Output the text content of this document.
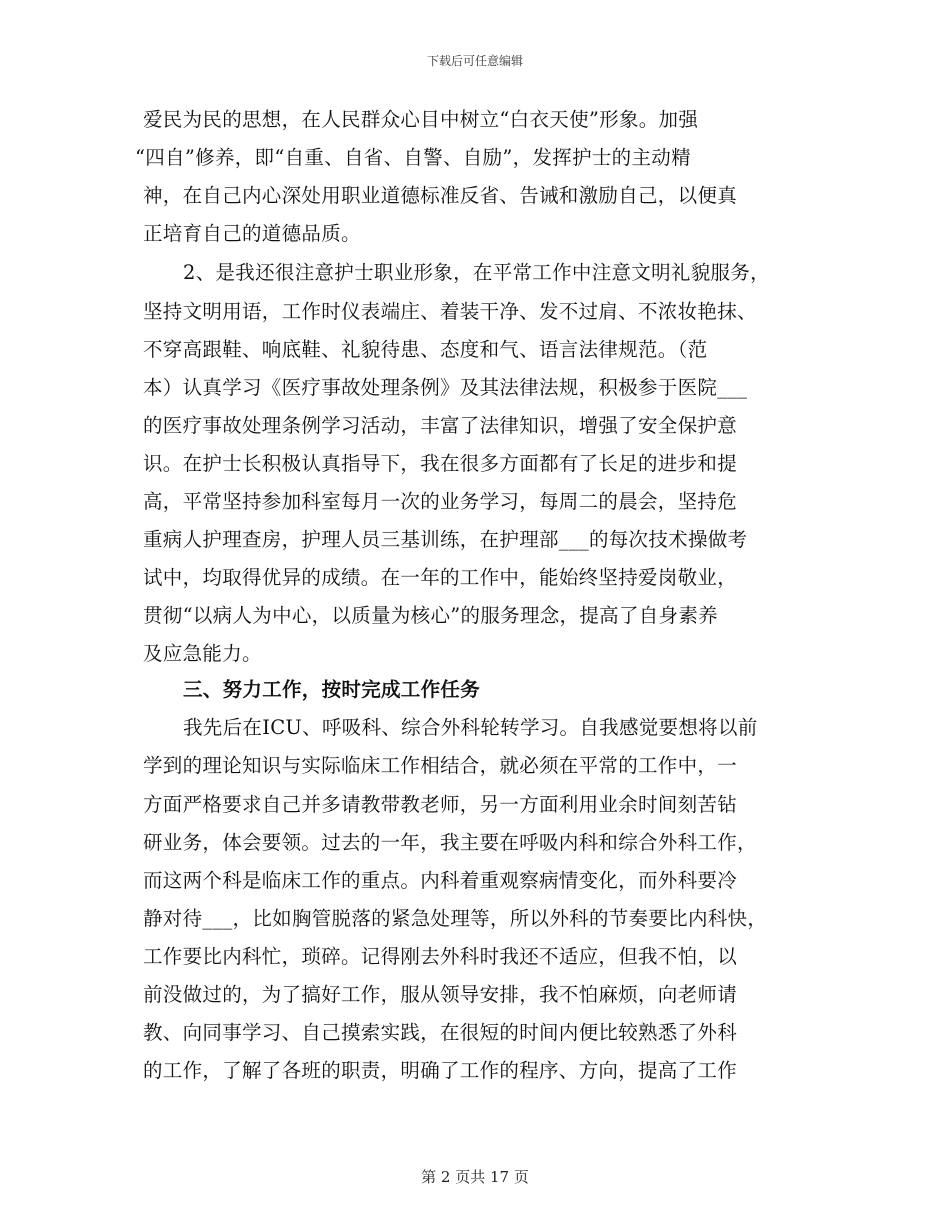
下载后可任意编辑
爱民为民的思想，在人民群众心目中树立“白衣天使”形象。加强
“四自”修养，即“自重、自省、自警、自励”，发挥护士的主动精
神，在自己内心深处用职业道德标准反省、告诫和激励自己，以便真
正培育自己的道德品质。
2、是我还很注意护士职业形象，在平常工作中注意文明礼貌服务，
坚持文明用语，工作时仪表端庄、着装干净、发不过肩、不浓妆艳抹、
不穿高跟鞋、响底鞋、礼貌待患、态度和气、语言法律规范。（范
本）认真学习《医疗事故处理条例》及其法律法规，积极参于医院___
的医疗事故处理条例学习活动，丰富了法律知识，增强了安全保护意
识。在护士长积极认真指导下，我在很多方面都有了长足的进步和提
高，平常坚持参加科室每月一次的业务学习，每周二的晨会，坚持危
重病人护理查房，护理人员三基训练，在护理部___的每次技术操做考
试中，均取得优异的成绩。在一年的工作中，能始终坚持爱岗敬业，
贯彻“以病人为中心，以质量为核心”的服务理念，提高了自身素养
及应急能力。
三、努力工作，按时完成工作任务
我先后在ICU、呼吸科、综合外科轮转学习。自我感觉要想将以前
学到的理论知识与实际临床工作相结合，就必须在平常的工作中，一
方面严格要求自己并多请教带教老师，另一方面利用业余时间刻苦钻
研业务，体会要领。过去的一年，我主要在呼吸内科和综合外科工作，
而这两个科是临床工作的重点。内科着重观察病情变化，而外科要冷
静对待___，比如胸管脱落的紧急处理等，所以外科的节奏要比内科快，
工作要比内科忙，琐碎。记得刚去外科时我还不适应，但我不怕，以
前没做过的，为了搞好工作，服从领导安排，我不怕麻烦，向老师请
教、向同事学习、自己摸索实践，在很短的时间内便比较熟悉了外科
的工作，了解了各班的职责，明确了工作的程序、方向，提高了工作
第 2 页共 17 页
